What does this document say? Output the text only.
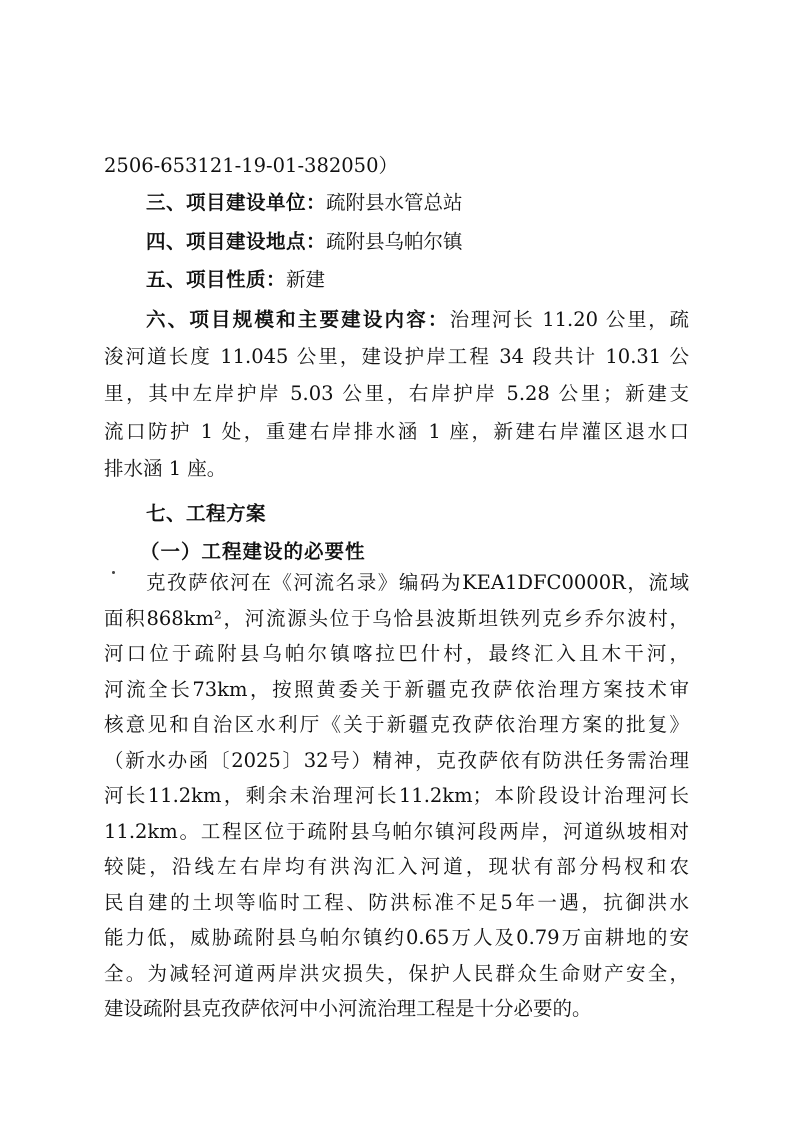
2506-653121-19-01-382050）
三、项目建设单位：疏附县水管总站
四、项目建设地点：疏附县乌帕尔镇
五、项目性质：新建
六、项目规模和主要建设内容：治理河长 11.20 公里，疏
浚河道长度 11.045 公里，建设护岸工程 34 段共计 10.31 公
里，其中左岸护岸 5.03 公里，右岸护岸 5.28 公里；新建支
流口防护 1 处，重建右岸排水涵 1 座，新建右岸灌区退水口
排水涵 1 座。
七、工程方案
（一）工程建设的必要性
克孜萨依河在《河流名录》编码为KEA1DFC0000R，流域
面积868km²，河流源头位于乌恰县波斯坦铁列克乡乔尔波村，
河口位于疏附县乌帕尔镇喀拉巴什村，最终汇入且木干河，
河流全长73km，按照黄委关于新疆克孜萨依治理方案技术审
核意见和自治区水利厅《关于新疆克孜萨依治理方案的批复》
（新水办函〔2025〕32号）精神，克孜萨依有防洪任务需治理
河长11.2km，剩余未治理河长11.2km；本阶段设计治理河长
11.2km。工程区位于疏附县乌帕尔镇河段两岸，河道纵坡相对
较陡，沿线左右岸均有洪沟汇入河道，现状有部分杩杈和农
民自建的土坝等临时工程、防洪标准不足5年一遇，抗御洪水
能力低，威胁疏附县乌帕尔镇约0.65万人及0.79万亩耕地的安
全。为减轻河道两岸洪灾损失，保护人民群众生命财产安全，
建设疏附县克孜萨依河中小河流治理工程是十分必要的。
